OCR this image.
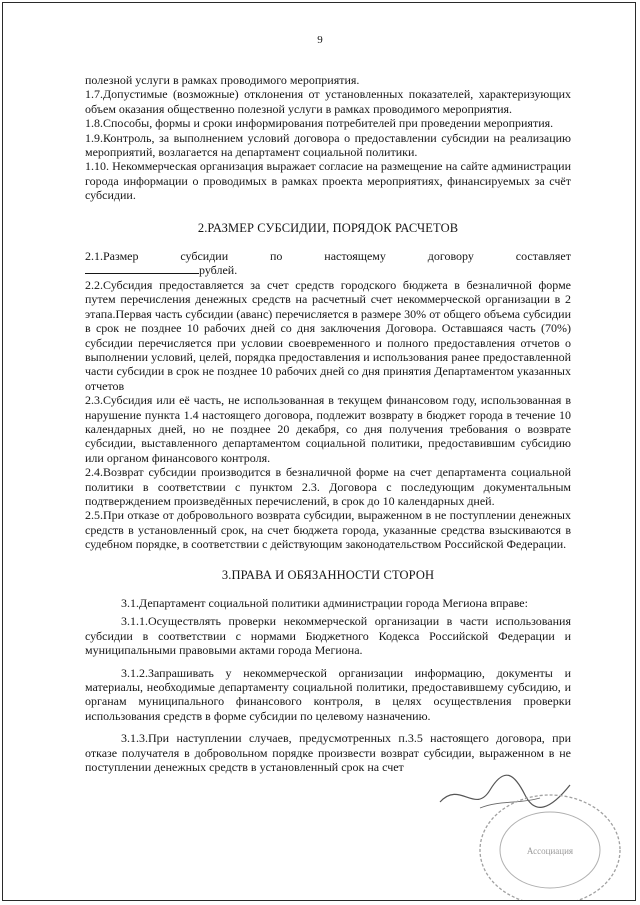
9

полезной услуги в рамках проводимого мероприятия.

1.7.Допустимые (возможные) отклонения от установленных показателей, характеризующих объем оказания общественно полезной услуги в рамках проводимого мероприятия.

1.8.Способы, формы и сроки информирования потребителей при проведении мероприятия.

1.9.Контроль, за выполнением условий договора о предоставлении субсидии на реализацию мероприятий, возлагается на департамент социальной политики.

1.10. Некоммерческая организация выражает согласие на размещение на сайте администрации города информации о проводимых в рамках проекта мероприятиях, финансируемых за счёт субсидии.

2.РАЗМЕР СУБСИДИИ, ПОРЯДОК РАСЧЕТОВ

2.1.Размер субсидии по настоящему договору составляет

рублей.

2.2.Субсидия предоставляется за счет средств городского бюджета в безналичной форме путем перечисления денежных средств на расчетный счет некоммерческой организации в 2 этапа.Первая часть субсидии (аванс) перечисляется в размере 30% от общего объема субсидии в срок не позднее 10 рабочих дней со дня заключения Договора. Оставшаяся часть (70%) субсидии перечисляется при условии своевременного и полного предоставления отчетов о выполнении условий, целей, порядка предоставления и использования ранее предоставленной части субсидии в срок не позднее 10 рабочих дней со дня принятия Департаментом указанных отчетов

2.3.Субсидия или её часть, не использованная в текущем финансовом году, использованная в нарушение пункта 1.4 настоящего договора, подлежит возврату в бюджет города в течение 10 календарных дней, но не позднее 20 декабря, со дня получения требования о возврате субсидии, выставленного департаментом социальной политики, предоставившим субсидию или органом финансового контроля.

2.4.Возврат субсидии производится в безналичной форме на счет департамента социальной политики в соответствии с пунктом 2.3. Договора с последующим документальным подтверждением произведённых перечислений, в срок до 10 календарных дней.

2.5.При отказе от добровольного возврата субсидии, выраженном в не поступлении денежных средств в установленный срок, на счет бюджета города, указанные средства взыскиваются в судебном порядке, в соответствии с действующим законодательством Российской Федерации.

3.ПРАВА И ОБЯЗАННОСТИ СТОРОН

3.1.Департамент социальной политики администрации города Мегиона вправе:

3.1.1.Осуществлять проверки некоммерческой организации в части использования субсидии в соответствии с нормами Бюджетного Кодекса Российской Федерации и муниципальными правовыми актами города Мегиона.

3.1.2.Запрашивать у некоммерческой организации информацию, документы и материалы, необходимые департаменту социальной политики, предоставившему субсидию, и органам муниципального финансового контроля, в целях осуществления проверки использования средств в форме субсидии по целевому назначению.

3.1.3.При наступлении случаев, предусмотренных п.3.5 настоящего договора, при отказе получателя в добровольном порядке произвести возврат субсидии, выраженном в не поступлении денежных средств в установленный срок на счет

Ассоциация
